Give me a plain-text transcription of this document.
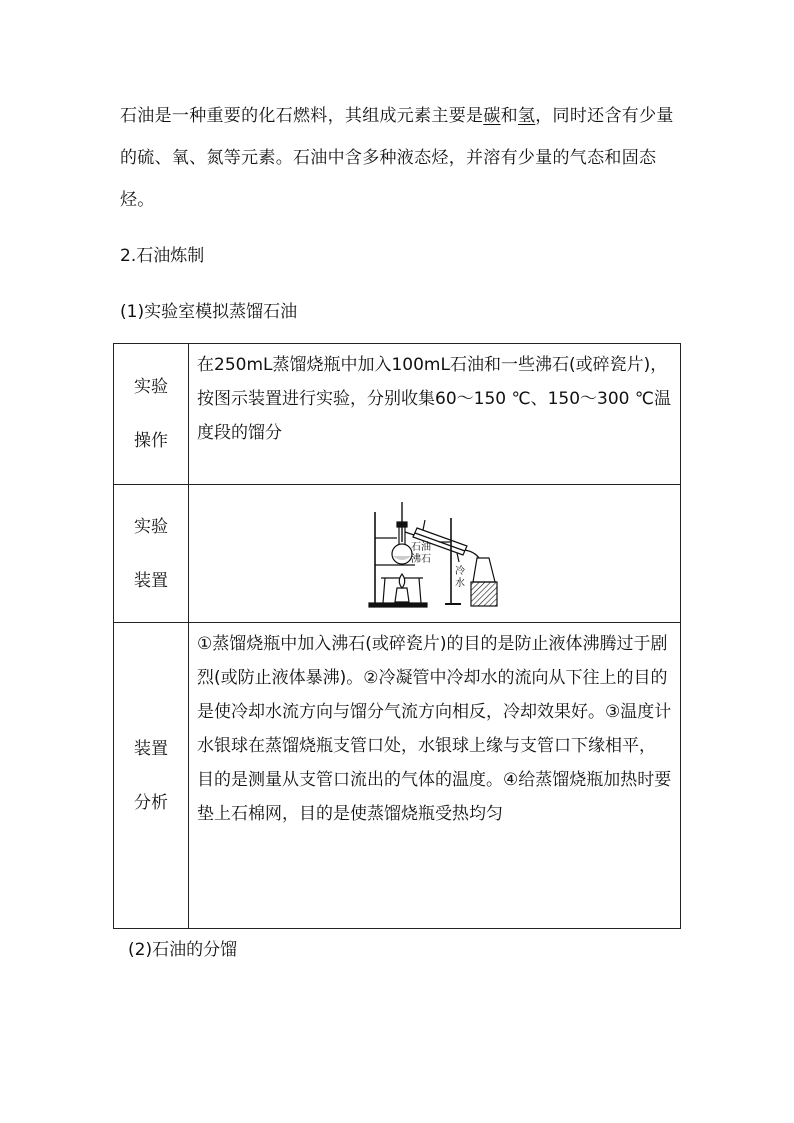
石油是一种重要的化石燃料，其组成元素主要是碳和氢，同时还含有少量的硫、氧、氮等元素。石油中含多种液态烃，并溶有少量的气态和固态烃。
2.石油炼制
(1)实验室模拟蒸馏石油
实验
操作	在250mL蒸馏烧瓶中加入100mL石油和一些沸石(或碎瓷片)，按图示装置进行实验，分别收集60～150 ℃、150～300 ℃温度段的馏分

实验
装置	石油
沸石
冷
水

装置
分析	①蒸馏烧瓶中加入沸石(或碎瓷片)的目的是防止液体沸腾过于剧烈(或防止液体暴沸)。②冷凝管中冷却水的流向从下往上的目的是使冷却水流方向与馏分气流方向相反，冷却效果好。③温度计水银球在蒸馏烧瓶支管口处，水银球上缘与支管口下缘相平，目的是测量从支管口流出的气体的温度。④给蒸馏烧瓶加热时要垫上石棉网，目的是使蒸馏烧瓶受热均匀
(2)石油的分馏
